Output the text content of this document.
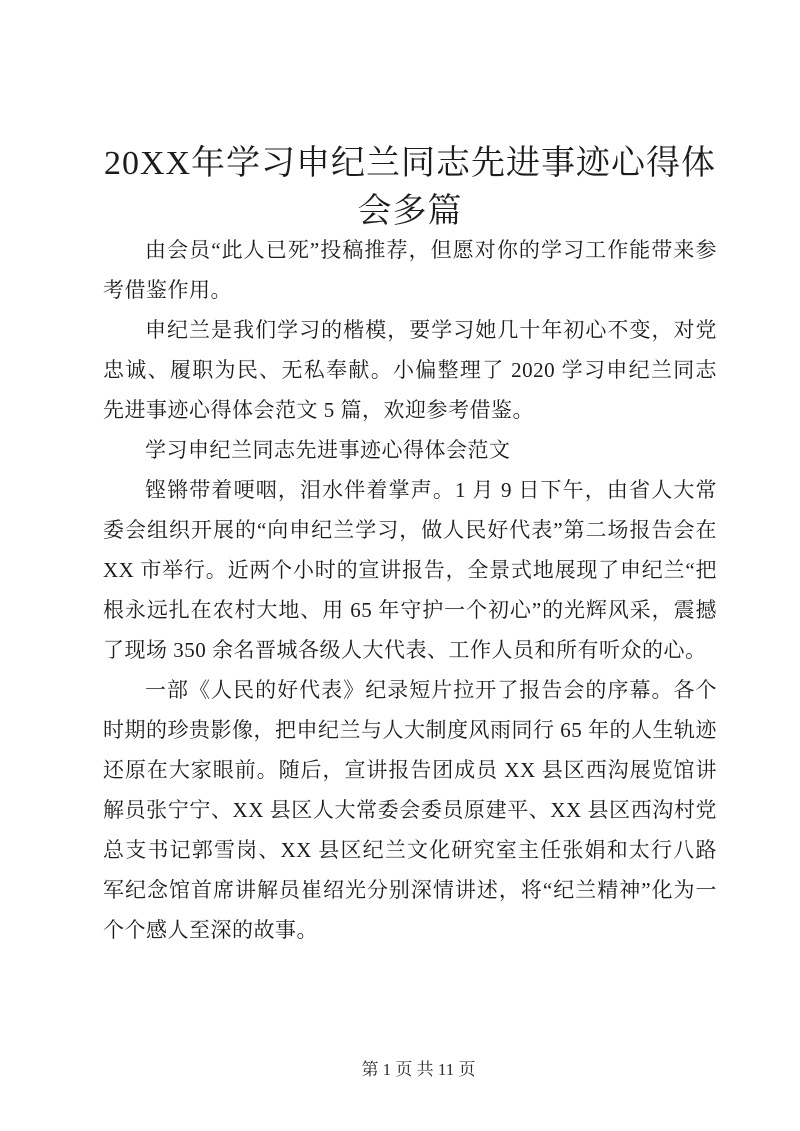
20XX年学习申纪兰同志先进事迹心得体会多篇

由会员“此人已死”投稿推荐，但愿对你的学习工作能带来参考借鉴作用。

申纪兰是我们学习的楷模，要学习她几十年初心不变，对党忠诚、履职为民、无私奉献。小偏整理了 2020 学习申纪兰同志先进事迹心得体会范文 5 篇，欢迎参考借鉴。

学习申纪兰同志先进事迹心得体会范文

铿锵带着哽咽，泪水伴着掌声。1 月 9 日下午，由省人大常委会组织开展的“向申纪兰学习，做人民好代表”第二场报告会在 XX 市举行。近两个小时的宣讲报告，全景式地展现了申纪兰“把根永远扎在农村大地、用 65 年守护一个初心”的光辉风采，震撼了现场 350 余名晋城各级人大代表、工作人员和所有听众的心。

一部《人民的好代表》纪录短片拉开了报告会的序幕。各个时期的珍贵影像，把申纪兰与人大制度风雨同行 65 年的人生轨迹还原在大家眼前。随后，宣讲报告团成员 XX 县区西沟展览馆讲解员张宁宁、XX 县区人大常委会委员原建平、XX 县区西沟村党总支书记郭雪岗、XX 县区纪兰文化研究室主任张娟和太行八路军纪念馆首席讲解员崔绍光分别深情讲述，将“纪兰精神”化为一个个感人至深的故事。

第 1 页 共 11 页
